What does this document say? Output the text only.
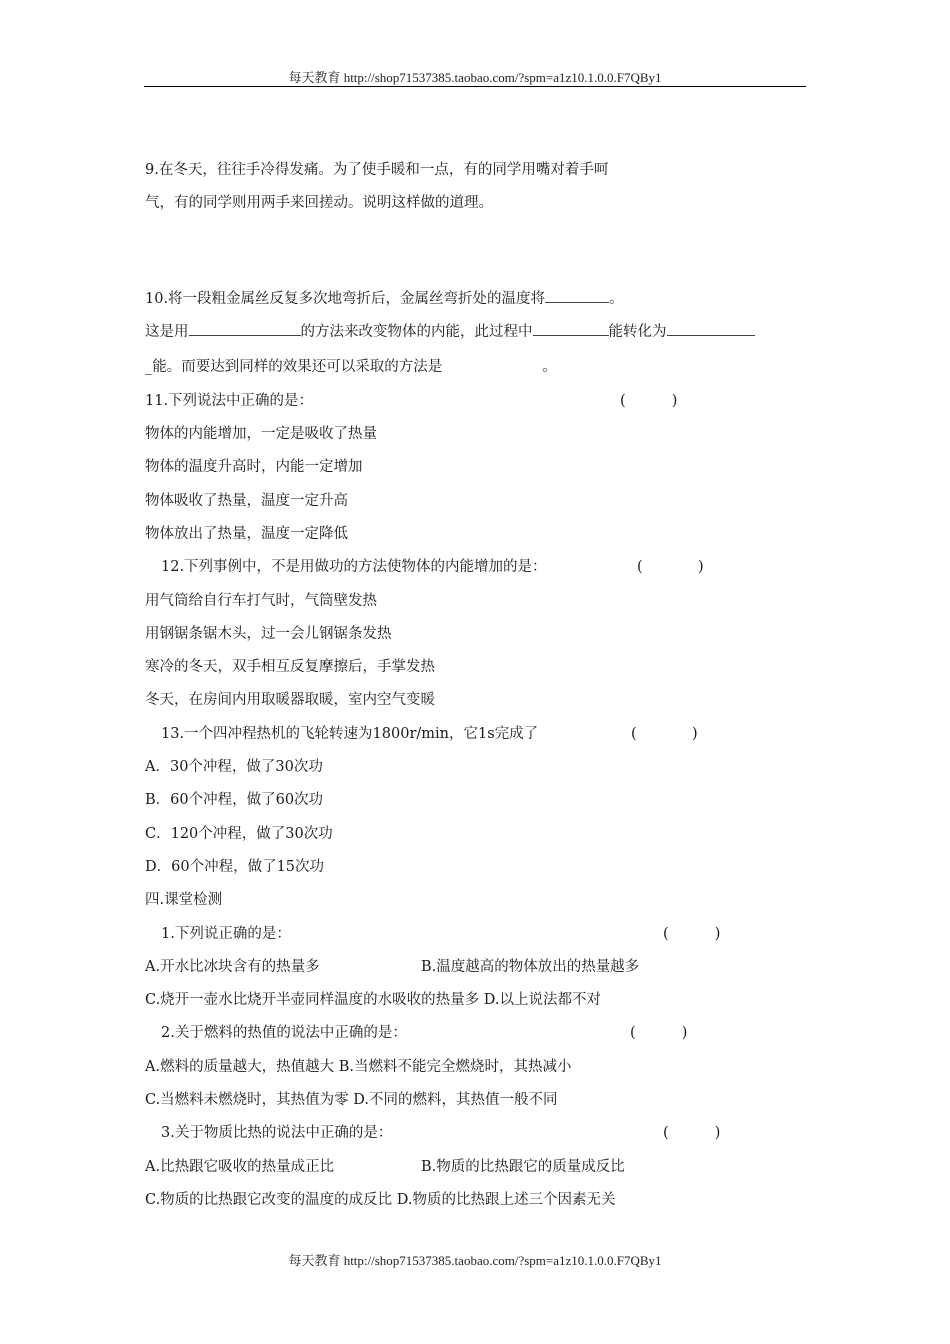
每天教育 http://shop71537385.taobao.com/?spm=a1z10.1.0.0.F7QBy1
9.在冬天，往往手冷得发痛。为了使手暖和一点，有的同学用嘴对着手呵
气，有的同学则用两手来回搓动。说明这样做的道理。
10.将一段粗金属丝反复多次地弯折后，金属丝弯折处的温度将	。
这是用	的方法来改变物体的内能，此过程中	能转化为
_能。而要达到同样的效果还可以采取的方法是	。
11.下列说法中正确的是：	(          )
物体的内能增加，一定是吸收了热量
物体的温度升高时，内能一定增加
物体吸收了热量，温度一定升高
物体放出了热量，温度一定降低
12.下列事例中，不是用做功的方法使物体的内能增加的是：	(            )
用气筒给自行车打气时，气筒壁发热
用钢锯条锯木头，过一会儿钢锯条发热
寒冷的冬天，双手相互反复摩擦后，手掌发热
冬天，在房间内用取暖器取暖，室内空气变暖
13.一个四冲程热机的飞轮转速为1800r/min，它1s完成了	(            )
A．30个冲程，做了30次功
B．60个冲程，做了60次功
C．120个冲程，做了30次功
D．60个冲程，做了15次功
四.课堂检测
1.下列说正确的是：	(          )
A.开水比冰块含有的热量多	B.温度越高的物体放出的热量越多
C.烧开一壶水比烧开半壶同样温度的水吸收的热量多 D.以上说法都不对
2.关于燃料的热值的说法中正确的是：	(          )
A.燃料的质量越大，热值越大 B.当燃料不能完全燃烧时，其热减小
C.当燃料未燃烧时，其热值为零 D.不同的燃料，其热值一般不同
3.关于物质比热的说法中正确的是：	(          )
A.比热跟它吸收的热量成正比	B.物质的比热跟它的质量成反比
C.物质的比热跟它改变的温度的成反比 D.物质的比热跟上述三个因素无关
每天教育 http://shop71537385.taobao.com/?spm=a1z10.1.0.0.F7QBy1
